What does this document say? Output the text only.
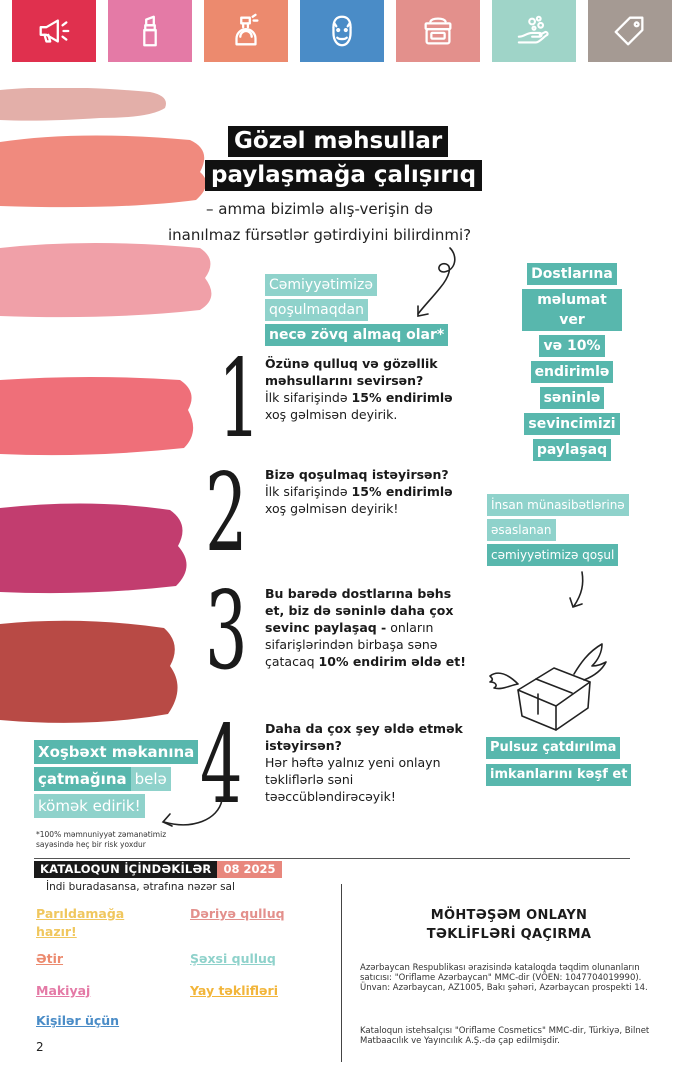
Gözəl məhsullar
paylaşmağa çalışırıq
– amma bizimlə alış-verişin də
inanılmaz fürsətlər gətirdiyini bilirdinmi?
Cəmiyyətimizə
qoşulmaqdan
necə zövq almaq olar*
Dostlarına
məlumat ver
və 10%
endirimlə
səninlə
sevincimizi
paylaşaq
1
2
3
4
Özünə qulluq və gözəllik məhsullarını sevirsən?
İlk sifarişində 15% endirimlə xoş gəlmisən deyirik.
Bizə qoşulmaq istəyirsən?
İlk sifarişində 15% endirimlə xoş gəlmisən deyirik!
Bu barədə dostlarına bəhs et, biz də səninlə daha çox sevinc paylaşaq - onların sifarişlərindən birbaşa sənə çatacaq 10% endirim əldə et!
Daha da çox şey əldə etmək istəyirsən?
Hər həftə yalnız yeni onlayn təkliflərlə səni təəccübləndirəcəyik!
İnsan münasibətlərinə
əsaslanan
cəmiyyətimizə qoşul
Pulsuz çatdırılma
imkanlarını kəşf et
Xoşbəxt məkanına
çatmağınabelə
kömək edirik!
*100% məmnuniyyət zəmanətimiz sayəsində heç bir risk yoxdur
KATALOQUN İÇİNDƏKİLƏR	08 2025
İndi buradasansa, ətrafına nəzər sal
Parıldamağa hazır!
Dəriyə qulluq
Ətir	Şəxsi qulluq
Makiyaj	Yay təklifləri
Kişilər üçün
MÖHTƏŞƏM ONLAYN
TƏKLİFLƏRİ QAÇIRMA
Azərbaycan Respublikası ərazisində kataloqda təqdim olunanların satıcısı: "Oriflame Azərbaycan" MMC-dir (VÖEN: 1047704019990). Ünvan: Azərbaycan, AZ1005, Bakı şəhəri, Azərbaycan prospekti 14.
Kataloqun istehsalçısı "Oriflame Cosmetics" MMC-dir, Türkiyə, Bilnet Matbaacılık ve Yayıncılık A.Ş.-də çap edilmişdir.
2
